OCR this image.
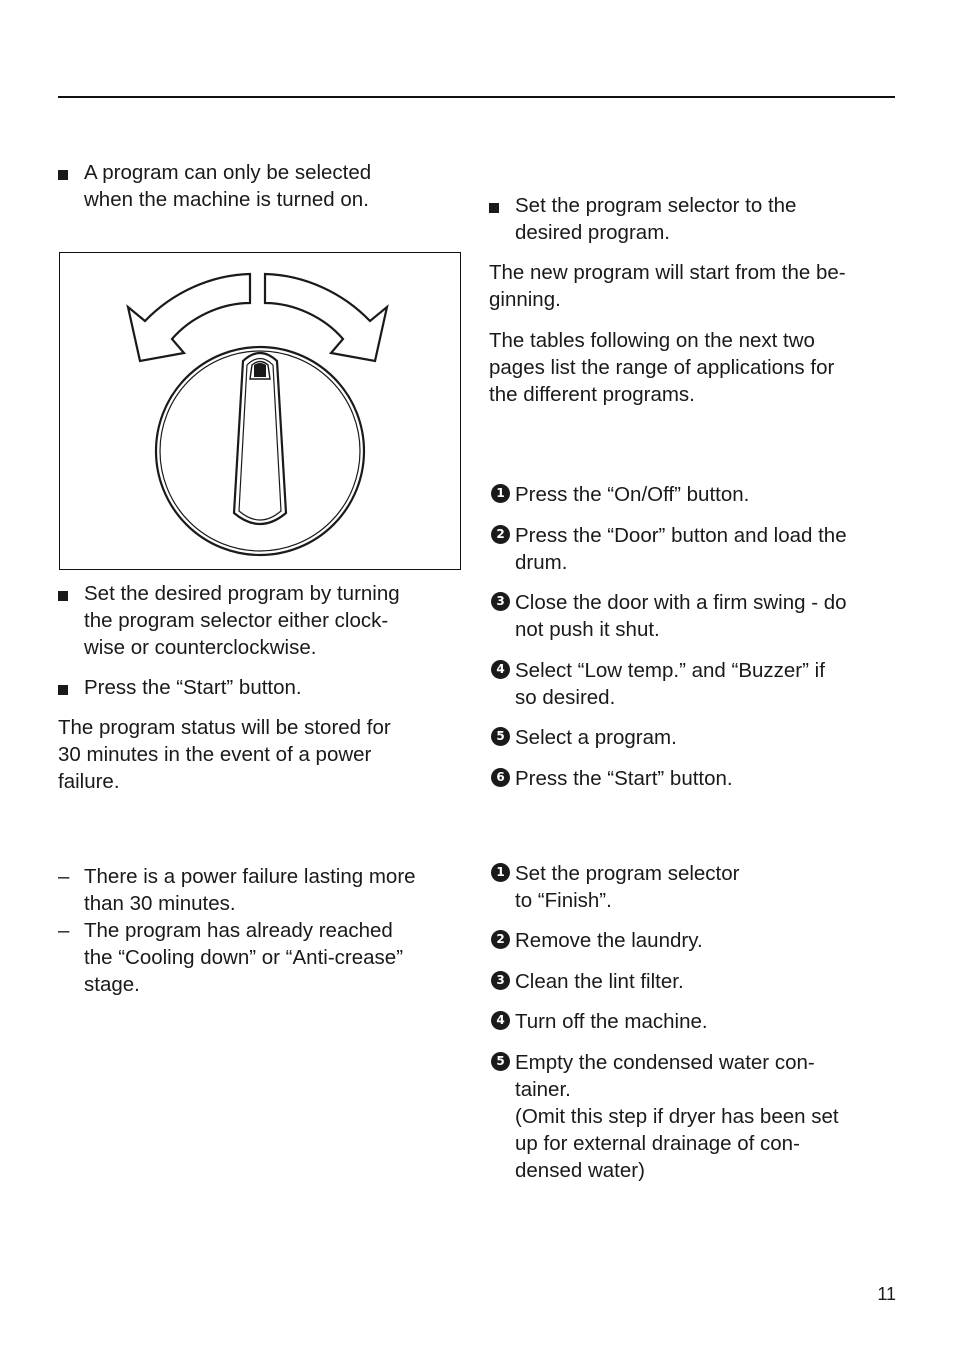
A program can only be selected
when the machine is turned on.

Set the desired program by turning
the program selector either clock-
wise or counterclockwise.

Press the “Start” button.

The program status will be stored for
30 minutes in the event of a power
failure.

– There is a power failure lasting more
than 30 minutes.

– The program has already reached
the “Cooling down” or “Anti-crease”
stage.

Set the program selector to the
desired program.

The new program will start from the be-
ginning.

The tables following on the next two
pages list the range of applications for
the different programs.

1 Press the “On/Off” button.

2 Press the “Door” button and load the
drum.

3 Close the door with a firm swing - do
not push it shut.

4 Select “Low temp.” and “Buzzer” if
so desired.

5 Select a program.

6 Press the “Start” button.

1 Set the program selector
to “Finish”.

2 Remove the laundry.

3 Clean the lint filter.

4 Turn off the machine.

5 Empty the condensed water con-
tainer.
(Omit this step if dryer has been set
up for external drainage of con-
densed water)

11
